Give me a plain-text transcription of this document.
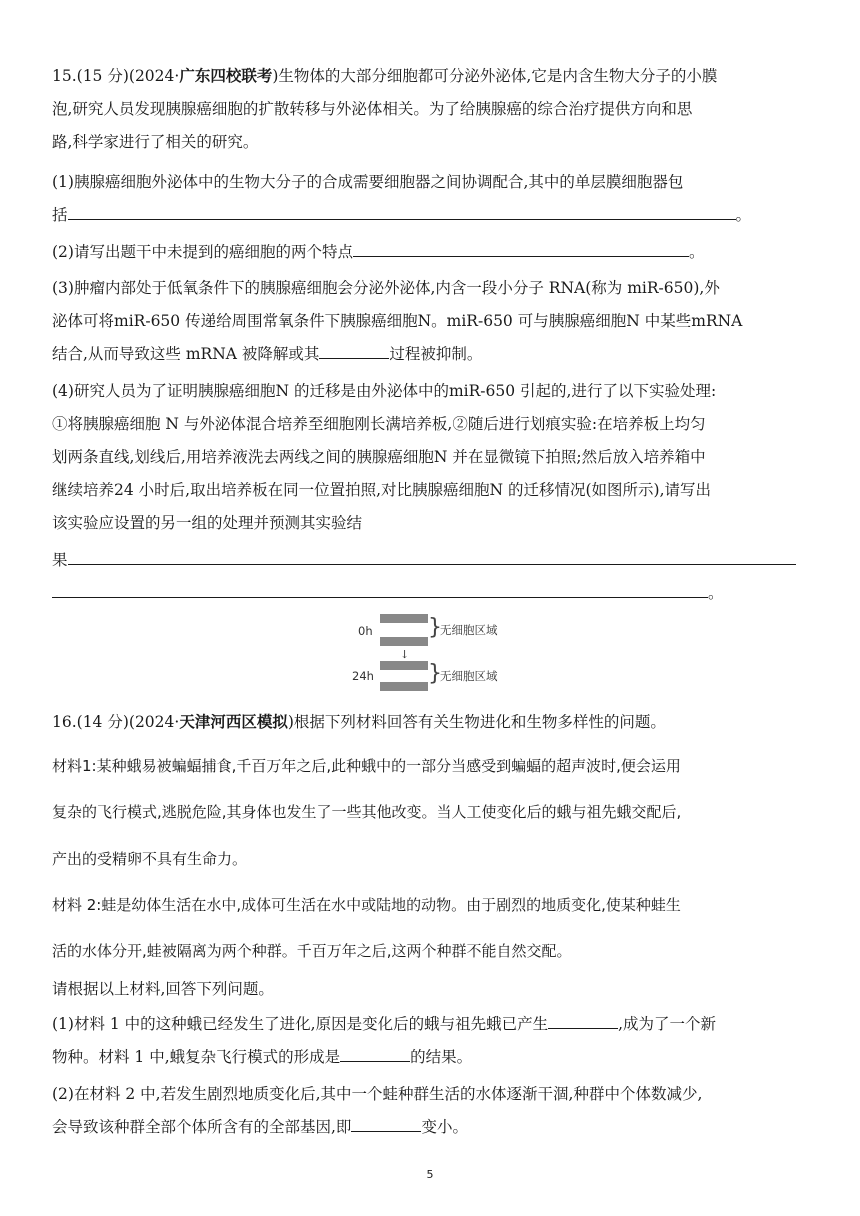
15.(15 分)(2024·广东四校联考)生物体的大部分细胞都可分泌外泌体,它是内含生物大分子的小膜
泡,研究人员发现胰腺癌细胞的扩散转移与外泌体相关。为了给胰腺癌的综合治疗提供方向和思
路,科学家进行了相关的研究。
(1)胰腺癌细胞外泌体中的生物大分子的合成需要细胞器之间协调配合,其中的单层膜细胞器包
括	。
(2)请写出题干中未提到的癌细胞的两个特点	。
(3)肿瘤内部处于低氧条件下的胰腺癌细胞会分泌外泌体,内含一段小分子 RNA(称为 miR-650),外
泌体可将miR-650 传递给周围常氧条件下胰腺癌细胞N。miR-650 可与胰腺癌细胞N 中某些mRNA
结合,从而导致这些 mRNA 被降解或其	过程被抑制。
(4)研究人员为了证明胰腺癌细胞N 的迁移是由外泌体中的miR-650 引起的,进行了以下实验处理:
①将胰腺癌细胞 N 与外泌体混合培养至细胞刚长满培养板,②随后进行划痕实验:在培养板上均匀
划两条直线,划线后,用培养液洗去两线之间的胰腺癌细胞N 并在显微镜下拍照;然后放入培养箱中
继续培养24 小时后,取出培养板在同一位置拍照,对比胰腺癌细胞N 的迁移情况(如图所示),请写出
该实验应设置的另一组的处理并预测其实验结
果
。
0h	}
无细胞区域
↓
24h }
无细胞区域
16.(14 分)(2024·天津河西区模拟)根据下列材料回答有关生物进化和生物多样性的问题。
材料1:某种蛾易被蝙蝠捕食,千百万年之后,此种蛾中的一部分当感受到蝙蝠的超声波时,便会运用
复杂的飞行模式,逃脱危险,其身体也发生了一些其他改变。当人工使变化后的蛾与祖先蛾交配后,
产出的受精卵不具有生命力。
材料 2:蛙是幼体生活在水中,成体可生活在水中或陆地的动物。由于剧烈的地质变化,使某种蛙生
活的水体分开,蛙被隔离为两个种群。千百万年之后,这两个种群不能自然交配。
请根据以上材料,回答下列问题。
(1)材料 1 中的这种蛾已经发生了进化,原因是变化后的蛾与祖先蛾已产生	,成为了一个新
物种。材料 1 中,蛾复杂飞行模式的形成是	的结果。
(2)在材料 2 中,若发生剧烈地质变化后,其中一个蛙种群生活的水体逐渐干涸,种群中个体数减少,
会导致该种群全部个体所含有的全部基因,即	变小。
5
